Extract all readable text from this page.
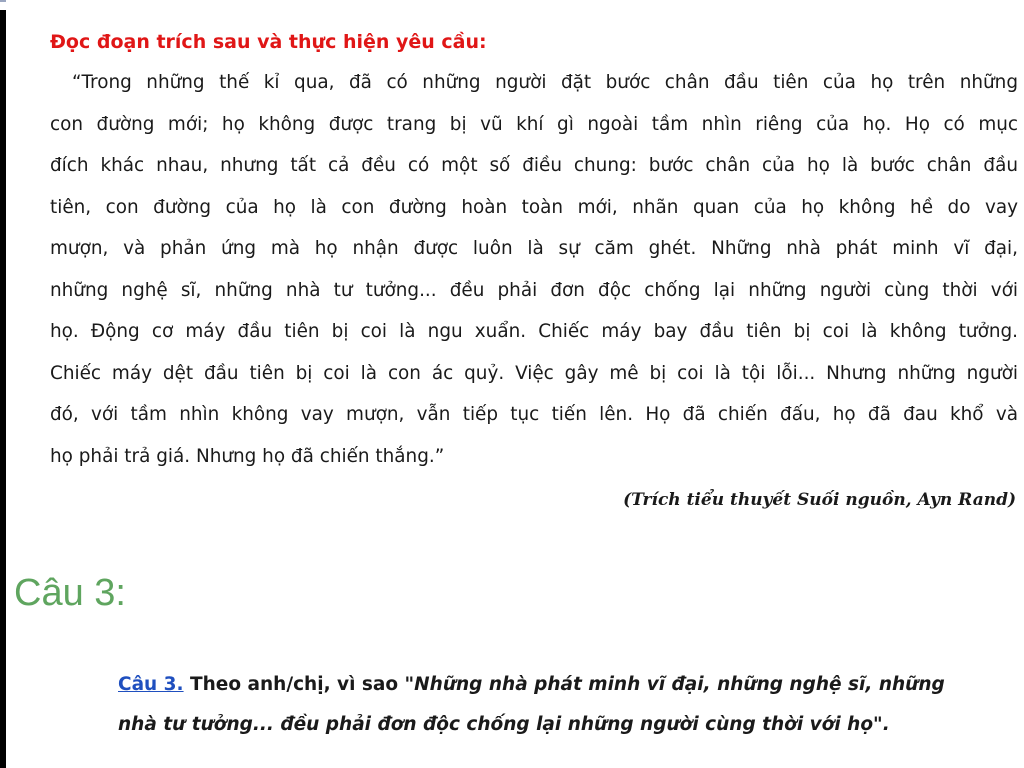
Đọc đoạn trích sau và thực hiện yêu cầu:
“Trong những thế kỉ qua, đã có những người đặt bước chân đầu tiên của họ trên những
con đường mới; họ không được trang bị vũ khí gì ngoài tầm nhìn riêng của họ. Họ có mục
đích khác nhau, nhưng tất cả đều có một số điều chung: bước chân của họ là bước chân đầu
tiên, con đường của họ là con đường hoàn toàn mới, nhãn quan của họ không hề do vay
mượn, và phản ứng mà họ nhận được luôn là sự căm ghét. Những nhà phát minh vĩ đại,
những nghệ sĩ, những nhà tư tưởng... đều phải đơn độc chống lại những người cùng thời với
họ. Động cơ máy đầu tiên bị coi là ngu xuẩn. Chiếc máy bay đầu tiên bị coi là không tưởng.
Chiếc máy dệt đầu tiên bị coi là con ác quỷ. Việc gây mê bị coi là tội lỗi... Nhưng những người
đó, với tầm nhìn không vay mượn, vẫn tiếp tục tiến lên. Họ đã chiến đấu, họ đã đau khổ và
họ phải trả giá. Nhưng họ đã chiến thắng.”
(Trích tiểu thuyết Suối nguồn, Ayn Rand)
Câu 3:
Câu 3. Theo anh/chị, vì sao "Những nhà phát minh vĩ đại, những nghệ sĩ, những
nhà tư tưởng... đều phải đơn độc chống lại những người cùng thời với họ".
